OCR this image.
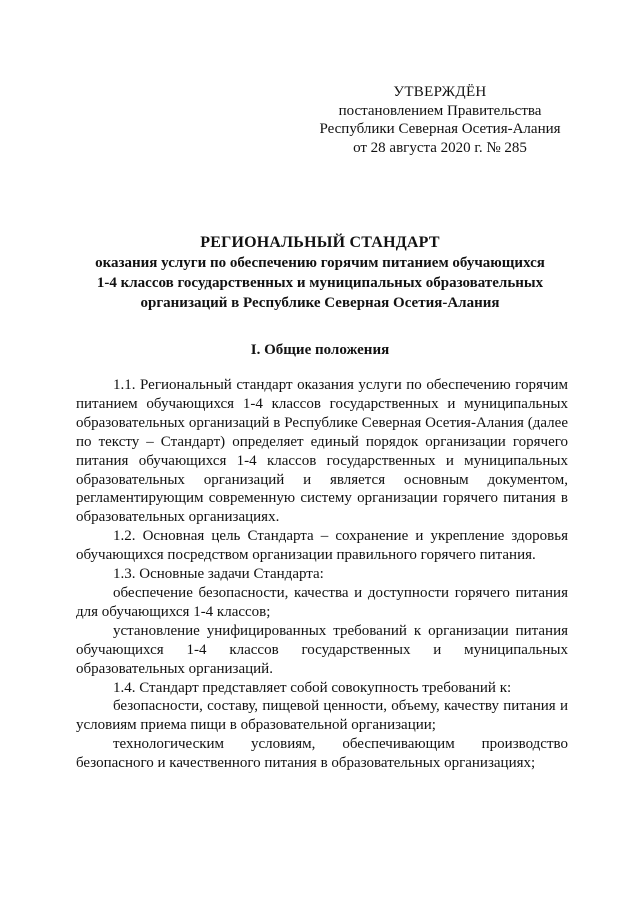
УТВЕРЖДЁН
постановлением Правительства
Республики Северная Осетия-Алания
от 28 августа 2020 г. № 285
РЕГИОНАЛЬНЫЙ СТАНДАРТ
оказания услуги по обеспечению горячим питанием обучающихся
1-4 классов государственных и муниципальных образовательных
организаций в Республике Северная Осетия-Алания
I. Общие положения

1.1. Региональный стандарт оказания услуги по обеспечению горячим питанием обучающихся 1-4 классов государственных и муниципальных образовательных организаций в Республике Северная Осетия-Алания (далее по тексту – Стандарт) определяет единый порядок организации горячего питания обучающихся 1-4 классов государственных и муниципальных образовательных организаций и является основным документом, регламентирующим современную систему организации горячего питания в образовательных организациях.

1.2. Основная цель Стандарта – сохранение и укрепление здоровья обучающихся посредством организации правильного горячего питания.

1.3. Основные задачи Стандарта:

обеспечение безопасности, качества и доступности горячего питания для обучающихся 1-4 классов;

установление унифицированных требований к организации питания обучающихся 1-4 классов государственных и муниципальных образовательных организаций.

1.4. Стандарт представляет собой совокупность требований к:

безопасности, составу, пищевой ценности, объему, качеству питания и условиям приема пищи в образовательной организации;

технологическим условиям, обеспечивающим производство безопасного и качественного питания в образовательных организациях;
